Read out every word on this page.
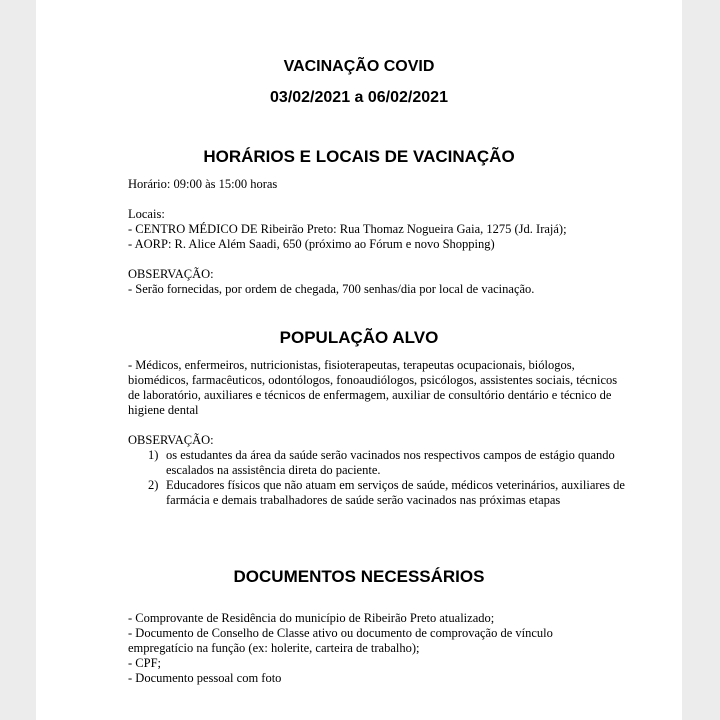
VACINAÇÃO COVID
03/02/2021 a 06/02/2021
HORÁRIOS E LOCAIS DE VACINAÇÃO

Horário: 09:00 às 15:00 horas

Locais:
- CENTRO MÉDICO DE Ribeirão Preto: Rua Thomaz Nogueira Gaia, 1275 (Jd. Irajá);
- AORP: R. Alice Além Saadi, 650 (próximo ao Fórum e novo Shopping)
OBSERVAÇÃO:
- Serão fornecidas, por ordem de chegada, 700 senhas/dia por local de vacinação.
POPULAÇÃO ALVO

- Médicos, enfermeiros, nutricionistas, fisioterapeutas, terapeutas ocupacionais, biólogos, biomédicos, farmacêuticos, odontólogos, fonoaudiólogos, psicólogos, assistentes sociais, técnicos de laboratório, auxiliares e técnicos de enfermagem, auxiliar de consultório dentário e técnico de higiene dental

OBSERVAÇÃO:
1) os estudantes da área da saúde serão vacinados nos respectivos campos de estágio quando escalados na assistência direta do paciente.
2) Educadores físicos que não atuam em serviços de saúde, médicos veterinários, auxiliares de farmácia e demais trabalhadores de saúde serão vacinados nas próximas etapas
DOCUMENTOS NECESSÁRIOS
- Comprovante de Residência do município de Ribeirão Preto atualizado;
- Documento de Conselho de Classe ativo ou documento de comprovação de vínculo empregatício na função (ex: holerite, carteira de trabalho);
- CPF;
- Documento pessoal com foto
